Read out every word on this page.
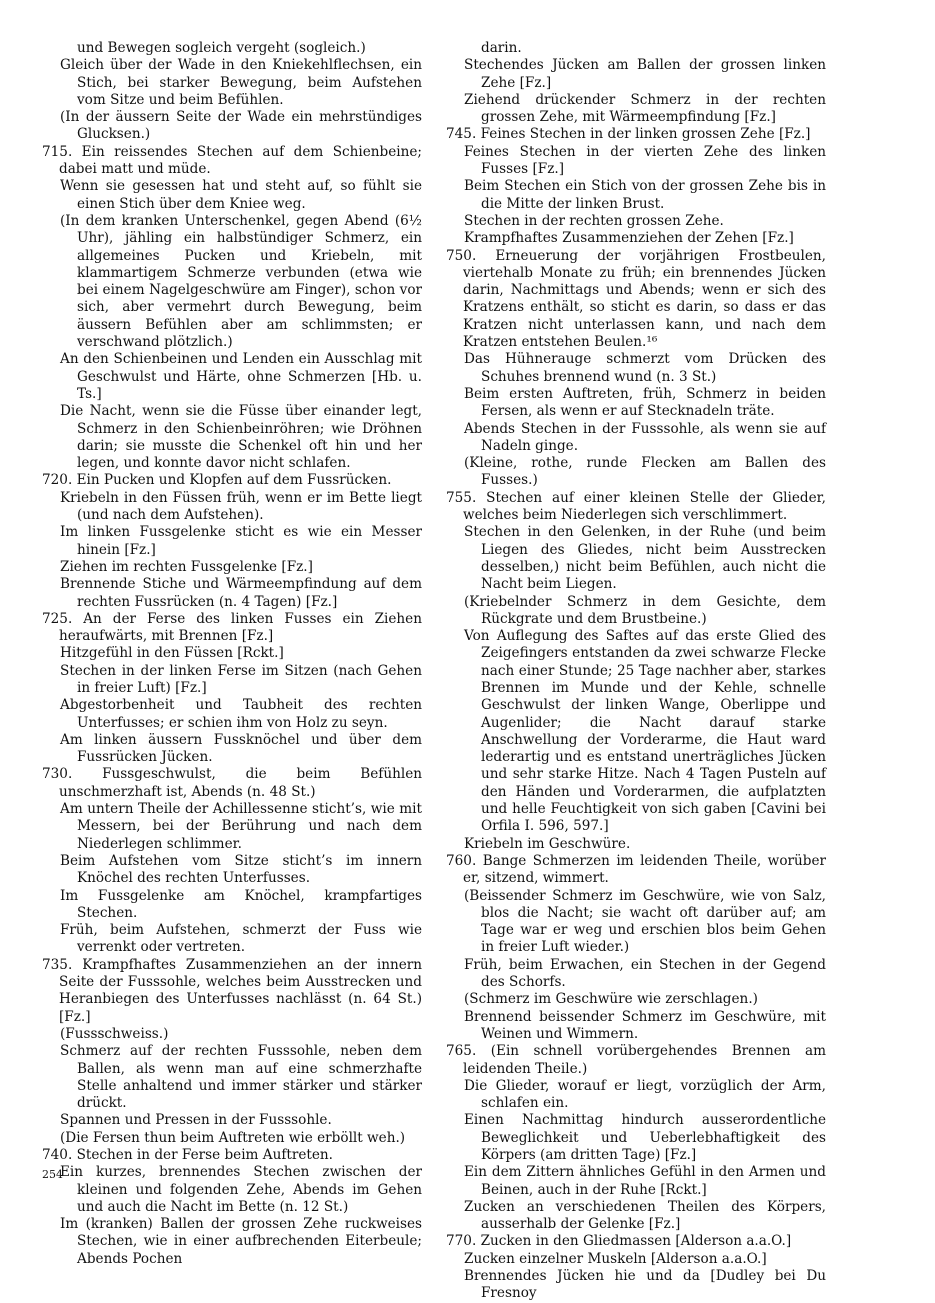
und Bewegen sogleich vergeht (sogleich.)

Gleich über der Wade in den Kniekehlflechsen, ein Stich, bei starker Bewegung, beim Aufstehen vom Sitze und beim Befühlen.

(In der äussern Seite der Wade ein mehrstündiges Glucksen.)

715. Ein reissendes Stechen auf dem Schienbeine; dabei matt und müde.

Wenn sie gesessen hat und steht auf, so fühlt sie einen Stich über dem Kniee weg.

(In dem kranken Unterschenkel, gegen Abend (6½ Uhr), jähling ein halbstündiger Schmerz, ein allgemeines Pucken und Kriebeln, mit klammartigem Schmerze verbunden (etwa wie bei einem Nagelgeschwüre am Finger), schon vor sich, aber vermehrt durch Bewegung, beim äussern Befühlen aber am schlimmsten; er verschwand plötzlich.)

An den Schienbeinen und Lenden ein Ausschlag mit Geschwulst und Härte, ohne Schmerzen [Hb. u. Ts.]

Die Nacht, wenn sie die Füsse über einander legt, Schmerz in den Schienbeinröhren; wie Dröhnen darin; sie musste die Schenkel oft hin und her legen, und konnte davor nicht schlafen.

720. Ein Pucken und Klopfen auf dem Fussrücken.

Kriebeln in den Füssen früh, wenn er im Bette liegt (und nach dem Aufstehen).

Im linken Fussgelenke sticht es wie ein Messer hinein [Fz.]

Ziehen im rechten Fussgelenke [Fz.]

Brennende Stiche und Wärmeempfindung auf dem rechten Fussrücken (n. 4 Tagen) [Fz.]

725. An der Ferse des linken Fusses ein Ziehen heraufwärts, mit Brennen [Fz.]

Hitzgefühl in den Füssen [Rckt.]

Stechen in der linken Ferse im Sitzen (nach Gehen in freier Luft) [Fz.]

Abgestorbenheit und Taubheit des rechten Unterfusses; er schien ihm von Holz zu seyn.

Am linken äussern Fussknöchel und über dem Fussrücken Jücken.

730. Fussgeschwulst, die beim Befühlen unschmerzhaft ist, Abends (n. 48 St.)

Am untern Theile der Achillessenne sticht’s, wie mit Messern, bei der Berührung und nach dem Niederlegen schlimmer.

Beim Aufstehen vom Sitze sticht’s im innern Knöchel des rechten Unterfusses.

Im Fussgelenke am Knöchel, krampfartiges Stechen.

Früh, beim Aufstehen, schmerzt der Fuss wie verrenkt oder vertreten.

735. Krampfhaftes Zusammenziehen an der innern Seite der Fusssohle, welches beim Ausstrecken und Heranbiegen des Unterfusses nachlässt (n. 64 St.) [Fz.]

(Fussschweiss.)

Schmerz auf der rechten Fusssohle, neben dem Ballen, als wenn man auf eine schmerzhafte Stelle anhaltend und immer stärker und stärker drückt.

Spannen und Pressen in der Fusssohle.

(Die Fersen thun beim Auftreten wie erböllt weh.)

740. Stechen in der Ferse beim Auftreten.

Ein kurzes, brennendes Stechen zwischen der kleinen und folgenden Zehe, Abends im Gehen und auch die Nacht im Bette (n. 12 St.)

Im (kranken) Ballen der grossen Zehe ruckweises Stechen, wie in einer aufbrechenden Eiterbeule; Abends Pochen

darin.

Stechendes Jücken am Ballen der grossen linken Zehe [Fz.]

Ziehend drückender Schmerz in der rechten grossen Zehe, mit Wärmeempfindung [Fz.]

745. Feines Stechen in der linken grossen Zehe [Fz.]

Feines Stechen in der vierten Zehe des linken Fusses [Fz.]

Beim Stechen ein Stich von der grossen Zehe bis in die Mitte der linken Brust.

Stechen in der rechten grossen Zehe.

Krampfhaftes Zusammenziehen der Zehen [Fz.]

750. Erneuerung der vorjährigen Frostbeulen, viertehalb Monate zu früh; ein brennendes Jücken darin, Nachmittags und Abends; wenn er sich des Kratzens enthält, so sticht es darin, so dass er das Kratzen nicht unterlassen kann, und nach dem Kratzen entstehen Beulen.¹⁶

Das Hühnerauge schmerzt vom Drücken des Schuhes brennend wund (n. 3 St.)

Beim ersten Auftreten, früh, Schmerz in beiden Fersen, als wenn er auf Stecknadeln träte.

Abends Stechen in der Fusssohle, als wenn sie auf Nadeln ginge.

(Kleine, rothe, runde Flecken am Ballen des Fusses.)

755. Stechen auf einer kleinen Stelle der Glieder, welches beim Niederlegen sich verschlimmert.

Stechen in den Gelenken, in der Ruhe (und beim Liegen des Gliedes, nicht beim Ausstrecken desselben,) nicht beim Befühlen, auch nicht die Nacht beim Liegen.

(Kriebelnder Schmerz in dem Gesichte, dem Rückgrate und dem Brustbeine.)

Von Auflegung des Saftes auf das erste Glied des Zeigefingers entstanden da zwei schwarze Flecke nach einer Stunde; 25 Tage nachher aber, starkes Brennen im Munde und der Kehle, schnelle Geschwulst der linken Wange, Oberlippe und Augenlider; die Nacht darauf starke Anschwellung der Vorderarme, die Haut ward lederartig und es entstand unerträgliches Jücken und sehr starke Hitze. Nach 4 Tagen Pusteln auf den Händen und Vorderarmen, die aufplatzten und helle Feuchtigkeit von sich gaben [Cavini bei Orfila I. 596, 597.]

Kriebeln im Geschwüre.

760. Bange Schmerzen im leidenden Theile, worüber er, sitzend, wimmert.

(Beissender Schmerz im Geschwüre, wie von Salz, blos die Nacht; sie wacht oft darüber auf; am Tage war er weg und erschien blos beim Gehen in freier Luft wieder.)

Früh, beim Erwachen, ein Stechen in der Gegend des Schorfs.

(Schmerz im Geschwüre wie zerschlagen.)

Brennend beissender Schmerz im Geschwüre, mit Weinen und Wimmern.

765. (Ein schnell vorübergehendes Brennen am leidenden Theile.)

Die Glieder, worauf er liegt, vorzüglich der Arm, schlafen ein.

Einen Nachmittag hindurch ausserordentliche Beweglichkeit und Ueberlebhaftigkeit des Körpers (am dritten Tage) [Fz.]

Ein dem Zittern ähnliches Gefühl in den Armen und Beinen, auch in der Ruhe [Rckt.]

Zucken an verschiedenen Theilen des Körpers, ausserhalb der Gelenke [Fz.]

770. Zucken in den Gliedmassen [Alderson a.a.O.]

Zucken einzelner Muskeln [Alderson a.a.O.]

Brennendes Jücken hie und da [Dudley bei Du Fresnoy

254
